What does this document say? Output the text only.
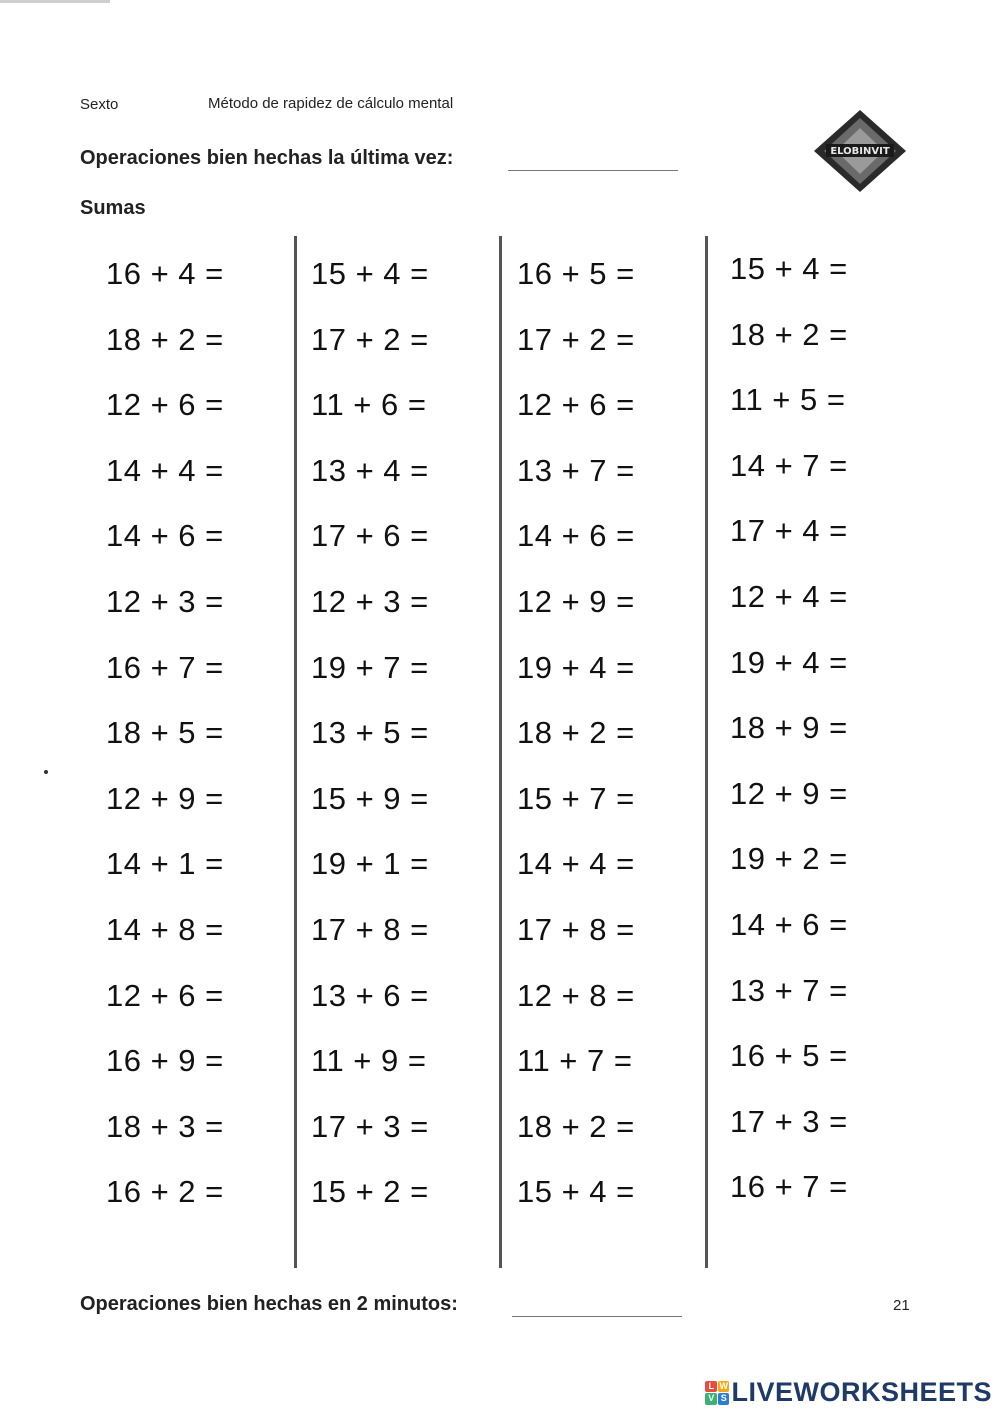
Sexto	Método de rapidez de cálculo mental
Operaciones bien hechas la última vez:
Sumas
ELOBINVIT
16 + 4 =
18 + 2 =
12 + 6 =
14 + 4 =
14 + 6 =
12 + 3 =
16 + 7 =
18 + 5 =
12 + 9 =
14 + 1 =
14 + 8 =
12 + 6 =
16 + 9 =
18 + 3 =
16 + 2 =
15 + 4 =
17 + 2 =
11 + 6 =
13 + 4 =
17 + 6 =
12 + 3 =
19 + 7 =
13 + 5 =
15 + 9 =
19 + 1 =
17 + 8 =
13 + 6 =
11 + 9 =
17 + 3 =
15 + 2 =
16 + 5 =
17 + 2 =
12 + 6 =
13 + 7 =
14 + 6 =
12 + 9 =
19 + 4 =
18 + 2 =
15 + 7 =
14 + 4 =
17 + 8 =
12 + 8 =
11 + 7 =
18 + 2 =
15 + 4 =
15 + 4 =
18 + 2 =
11 + 5 =
14 + 7 =
17 + 4 =
12 + 4 =
19 + 4 =
18 + 9 =
12 + 9 =
19 + 2 =
14 + 6 =
13 + 7 =
16 + 5 =
17 + 3 =
16 + 7 =
Operaciones bien hechas en 2 minutos:	21
L W
V S LIVEWORKSHEETS
